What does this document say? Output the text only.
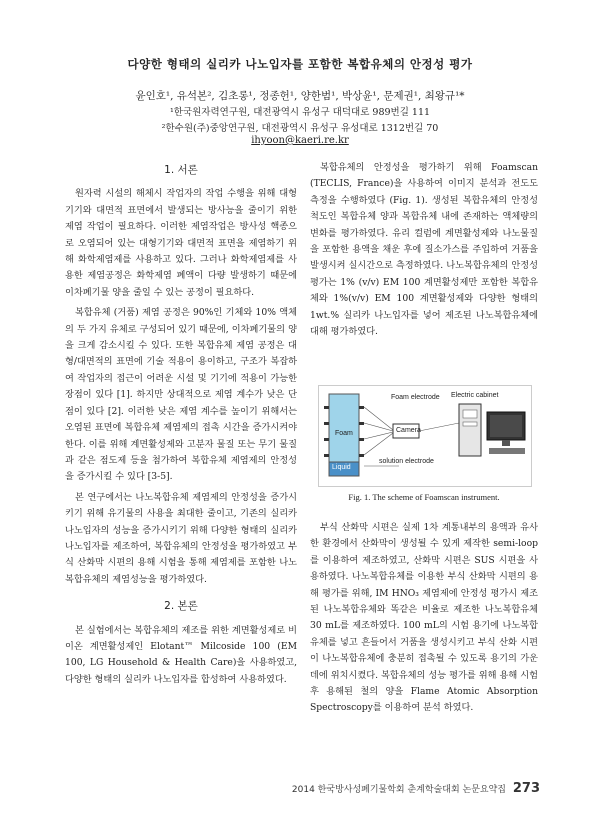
다양한 형태의 실리카 나노입자를 포함한 복합유체의 안정성 평가
윤인호¹, 유석본², 김초롱¹, 정종헌¹, 양한범¹, 박상윤¹, 문제권¹, 최왕규¹*
¹한국원자력연구원, 대전광역시 유성구 대덕대로 989번길 111
²한수원(주)중앙연구원, 대전광역시 유성구 유성대로 1312번길 70
ihyoon@kaeri.re.kr
1. 서론

원자력 시설의 해체시 작업자의 작업 수행을 위해 대형기기와 대면적 표면에서 발생되는 방사능을 줄이기 위한 제염 작업이 필요하다. 이러한 제염작업은 방사성 핵종으로 오염되어 있는 대형기기와 대면적 표면을 제염하기 위해 화학제염제를 사용하고 있다. 그러나 화학제염제를 사용한 제염공정은 화학제염 폐액이 다량 발생하기 때문에 이차폐기물 양을 줄일 수 있는 공정이 필요하다.

복합유체 (거품) 제염 공정은 90%인 기체와 10% 액체의 두 가지 유체로 구성되어 있기 때문에, 이차폐기물의 양을 크게 감소시킬 수 있다. 또한 복합유체 제염 공정은 대형/대면적의 표면에 기술 적용이 용이하고, 구조가 복잡하여 작업자의 접근이 어려운 시설 및 기기에 적용이 가능한 장점이 있다 [1]. 하지만 상대적으로 제염 계수가 낮은 단점이 있다 [2]. 이러한 낮은 제염 계수를 높이기 위해서는 오염된 표면에 복합유체 제염제의 접촉 시간을 증가시켜야 한다. 이를 위해 계면활성제와 고분자 물질 또는 무기 물질과 같은 점도제 등을 첨가하여 복합유체 제염제의 안정성을 증가시킬 수 있다 [3-5].

본 연구에서는 나노복합유체 제염제의 안정성을 증가시키기 위해 유기물의 사용을 최대한 줄이고, 기존의 실리카 나노입자의 성능을 증가시키기 위해 다양한 형태의 실리카 나노입자를 제조하여, 복합유체의 안정성을 평가하였고 부식 산화막 시편의 용해 시험을 통해 제염제를 포함한 나노복합유체의 제염성능을 평가하였다.

2. 본론

본 실험에서는 복합유체의 제조를 위한 계면활성제로 비이온 계면활성제인 Elotant™ Milcoside 100 (EM 100, LG Household & Health Care)을 사용하였고, 다양한 형태의 실리카 나노입자를 합성하여 사용하였다.

복합유체의 안정성을 평가하기 위해 Foamscan (TECLIS, France)을 사용하여 이미지 분석과 전도도 측정을 수행하였다 (Fig. 1). 생성된 복합유체의 안정성 척도인 복합유체 양과 복합유체 내에 존재하는 액체량의 변화를 평가하였다. 유리 컬럼에 계면활성제와 나노물질을 포함한 용액을 채운 후에 질소가스를 주입하여 거품을 발생시켜 실시간으로 측정하였다. 나노복합유체의 안정성 평가는 1% (v/v) EM 100 계면활성제만 포함한 복합유체와 1%(v/v) EM 100 계면활성제와 다양한 형태의 1wt.% 실리카 나노입자를 넣어 제조된 나노복합유체에 대해 평가하였다.

Foam electrode Electric cabinet
Foam	Camera
solution electrode
Liquid
Fig. 1. The scheme of Foamscan instrument.

부식 산화막 시편은 실제 1차 계통내부의 용액과 유사한 환경에서 산화막이 생성될 수 있게 제작한 semi-loop를 이용하여 제조하였고, 산화막 시편은 SUS 시편을 사용하였다. 나노복합유체를 이용한 부식 산화막 시편의 용해 평가를 위해, IM HNO₃ 제염제에 안정성 평가시 제조된 나노복합유체와 똑같은 비율로 제조한 나노복합유체 30 mL를 제조하였다. 100 mL의 시험 용기에 나노복합유체를 넣고 흔들어서 거품을 생성시키고 부식 산화 시편이 나노복합유체에 충분히 접촉될 수 있도록 용기의 가운데에 위치시켰다. 복합유체의 성능 평가를 위해 용해 시험 후 용해된 철의 양을 Flame Atomic Absorption Spectroscopy를 이용하여 분석 하였다.

2014 한국방사성폐기물학회 춘계학술대회 논문요약집 273
